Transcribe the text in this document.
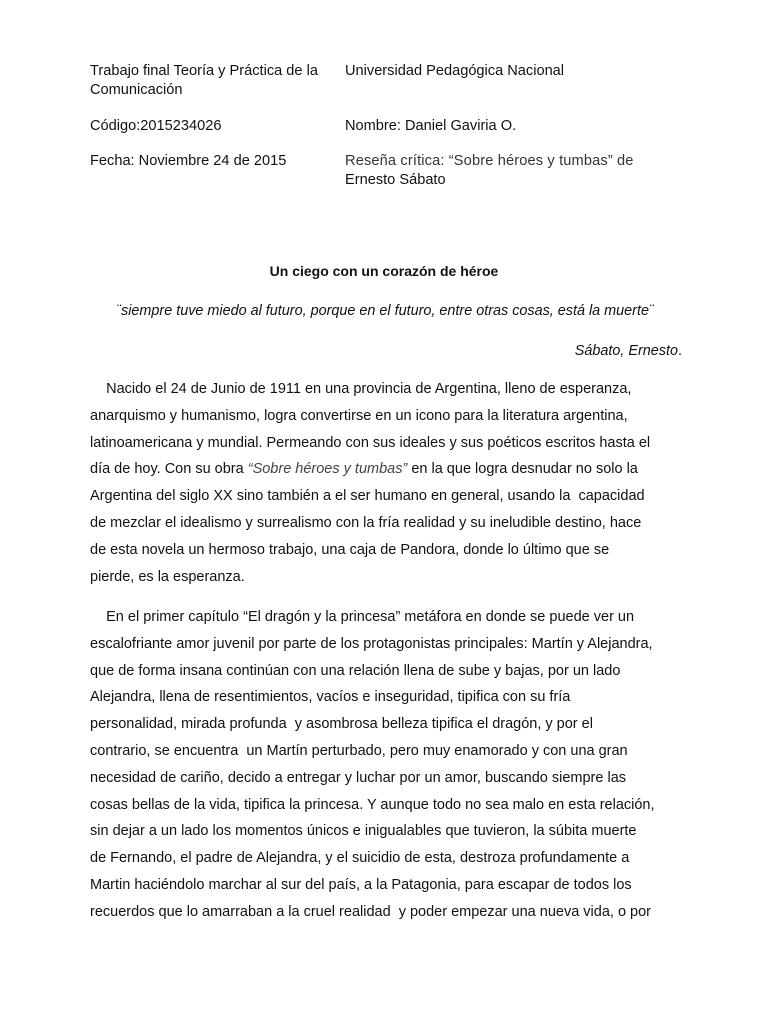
Trabajo final Teoría y Práctica de la Comunicación
Universidad Pedagógica Nacional
Código:2015234026	Nombre: Daniel Gaviria O.
Fecha: Noviembre 24 de 2015	Reseña crítica: “Sobre héroes y tumbas” de
Ernesto Sábato
Un ciego con un corazón de héroe
¨siempre tuve miedo al futuro, porque en el futuro, entre otras cosas, está la muerte¨
Sábato, Ernesto.
Nacido el 24 de Junio de 1911 en una provincia de Argentina, lleno de esperanza,
anarquismo y humanismo, logra convertirse en un icono para la literatura argentina,
latinoamericana y mundial. Permeando con sus ideales y sus poéticos escritos hasta el
día de hoy. Con su obra “Sobre héroes y tumbas” en la que logra desnudar no solo la
Argentina del siglo XX sino también a el ser humano en general, usando la  capacidad
de mezclar el idealismo y surrealismo con la fría realidad y su ineludible destino, hace
de esta novela un hermoso trabajo, una caja de Pandora, donde lo último que se
pierde, es la esperanza.
En el primer capítulo “El dragón y la princesa” metáfora en donde se puede ver un
escalofriante amor juvenil por parte de los protagonistas principales: Martín y Alejandra,
que de forma insana continúan con una relación llena de sube y bajas, por un lado
Alejandra, llena de resentimientos, vacíos e inseguridad, tipifica con su fría
personalidad, mirada profunda  y asombrosa belleza tipifica el dragón, y por el
contrario, se encuentra  un Martín perturbado, pero muy enamorado y con una gran
necesidad de cariño, decido a entregar y luchar por un amor, buscando siempre las
cosas bellas de la vida, tipifica la princesa. Y aunque todo no sea malo en esta relación,
sin dejar a un lado los momentos únicos e inigualables que tuvieron, la súbita muerte
de Fernando, el padre de Alejandra, y el suicidio de esta, destroza profundamente a
Martin haciéndolo marchar al sur del país, a la Patagonia, para escapar de todos los
recuerdos que lo amarraban a la cruel realidad  y poder empezar una nueva vida, o por
